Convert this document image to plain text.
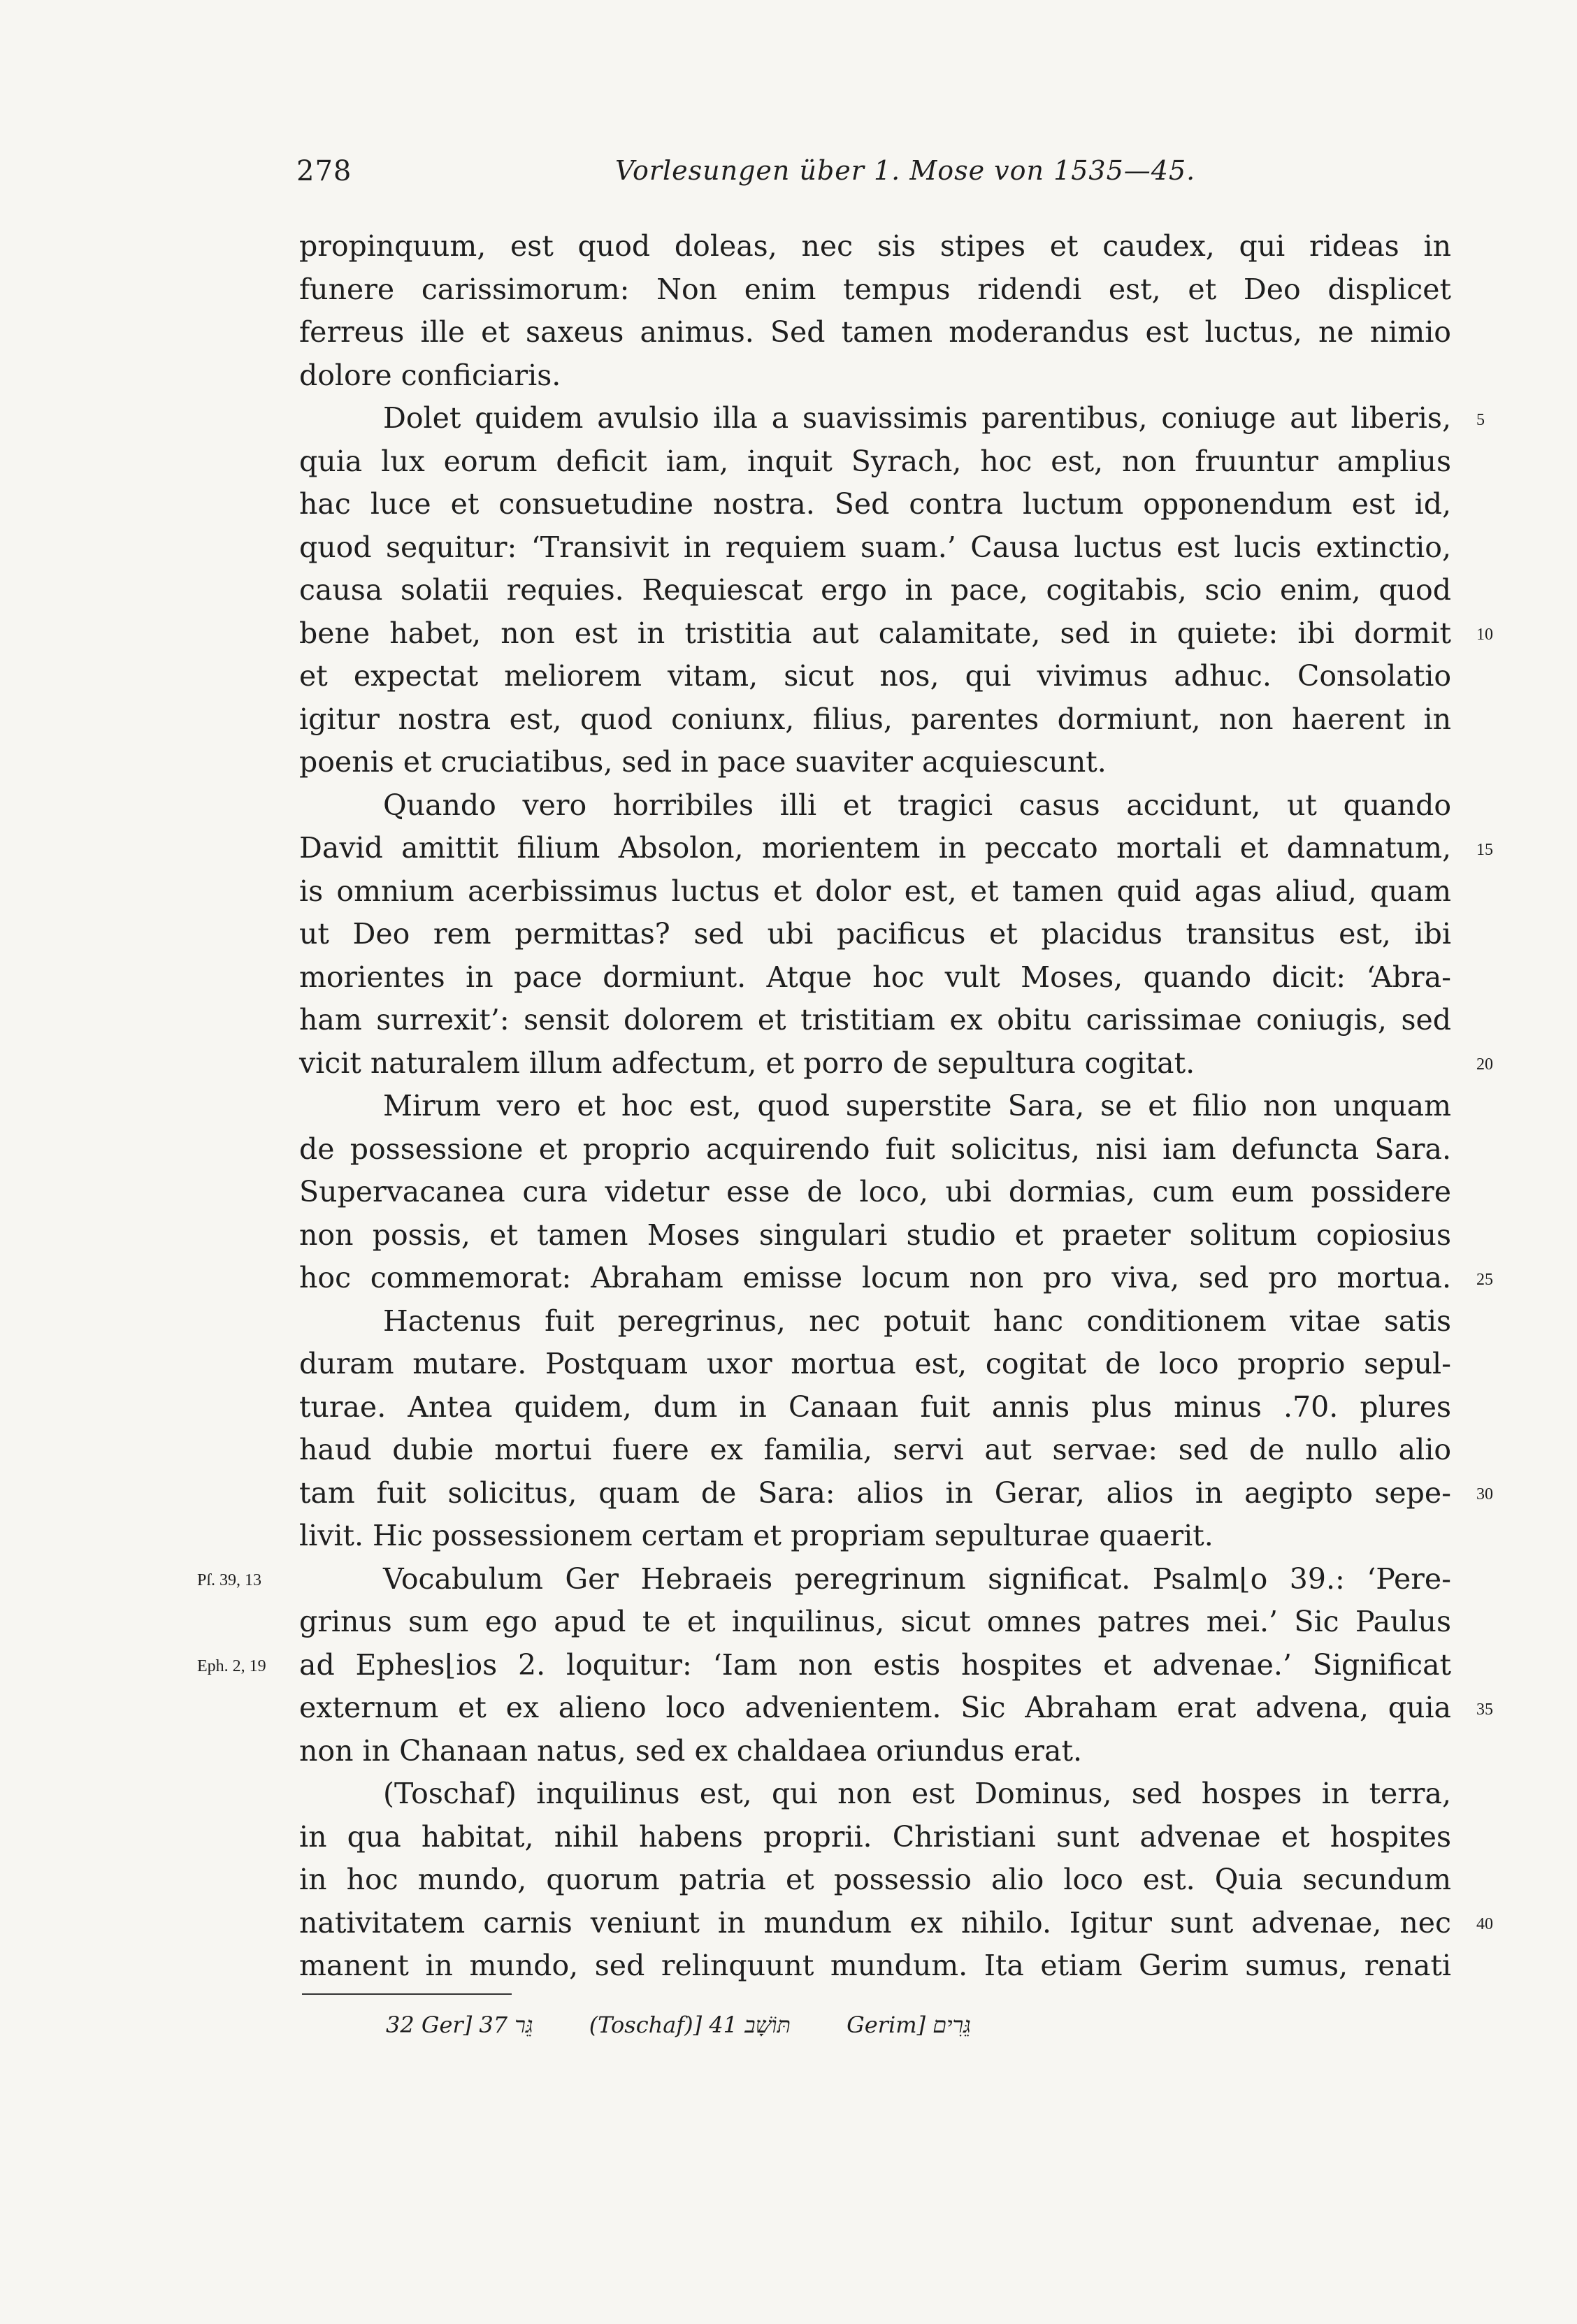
278	Vorlesungen über 1. Mose von 1535—45.
propinquum, est quod doleas, nec sis stipes et caudex, qui rideas in
funere carissimorum: Non enim tempus ridendi est, et Deo displicet
ferreus ille et saxeus animus. Sed tamen moderandus est luctus, ne nimio
dolore conficiaris.
Dolet quidem avulsio illa a suavissimis parentibus, coniuge aut liberis,
quia lux eorum deficit iam, inquit Syrach, hoc est, non fruuntur amplius
hac luce et consuetudine nostra. Sed contra luctum opponendum est id,
quod sequitur: ‘Transivit in requiem suam.’ Causa luctus est lucis extinctio,
causa solatii requies. Requiescat ergo in pace, cogitabis, scio enim, quod
bene habet, non est in tristitia aut calamitate, sed in quiete: ibi dormit
et expectat meliorem vitam, sicut nos, qui vivimus adhuc. Consolatio
igitur nostra est, quod coniunx, filius, parentes dormiunt, non haerent in
poenis et cruciatibus, sed in pace suaviter acquiescunt.
Quando vero horribiles illi et tragici casus accidunt, ut quando
David amittit filium Absolon, morientem in peccato mortali et damnatum,
is omnium acerbissimus luctus et dolor est, et tamen quid agas aliud, quam
ut Deo rem permittas? sed ubi pacificus et placidus transitus est, ibi
morientes in pace dormiunt. Atque hoc vult Moses, quando dicit: ‘Abra-
ham surrexit’: sensit dolorem et tristitiam ex obitu carissimae coniugis, sed
vicit naturalem illum adfectum, et porro de sepultura cogitat.
Mirum vero et hoc est, quod superstite Sara, se et filio non unquam
de possessione et proprio acquirendo fuit solicitus, nisi iam defuncta Sara.
Supervacanea cura videtur esse de loco, ubi dormias, cum eum possidere
non possis, et tamen Moses singulari studio et praeter solitum copiosius
hoc commemorat: Abraham emisse locum non pro viva, sed pro mortua.
Hactenus fuit peregrinus, nec potuit hanc conditionem vitae satis
duram mutare. Postquam uxor mortua est, cogitat de loco proprio sepul-
turae. Antea quidem, dum in Canaan fuit annis plus minus .70. plures
haud dubie mortui fuere ex familia, servi aut servae: sed de nullo alio
tam fuit solicitus, quam de Sara: alios in Gerar, alios in aegipto sepe-
livit. Hic possessionem certam et propriam sepulturae quaerit.
Vocabulum Ger Hebraeis peregrinum significat. Psalm⌊o 39.: ‘Pere-
grinus sum ego apud te et inquilinus, sicut omnes patres mei.’ Sic Paulus
ad Ephes⌊ios 2. loquitur: ‘Iam non estis hospites et advenae.’ Significat
externum et ex alieno loco advenientem. Sic Abraham erat advena, quia
non in Chanaan natus, sed ex chaldaea oriundus erat.
(Toschaf) inquilinus est, qui non est Dominus, sed hospes in terra,
in qua habitat, nihil habens proprii. Christiani sunt advenae et hospites
in hoc mundo, quorum patria et possessio alio loco est. Quia secundum
nativitatem carnis veniunt in mundum ex nihilo. Igitur sunt advenae, nec
manent in mundo, sed relinquunt mundum. Ita etiam Gerim sumus, renati
5
10
15
20
25
30
35
40
Pſ. 39, 13
Eph. 2, 19
32 Ger] גֵּר 37 (Toschaf)] תּוֹשָׁב 41 Gerim] גֵּרִים
